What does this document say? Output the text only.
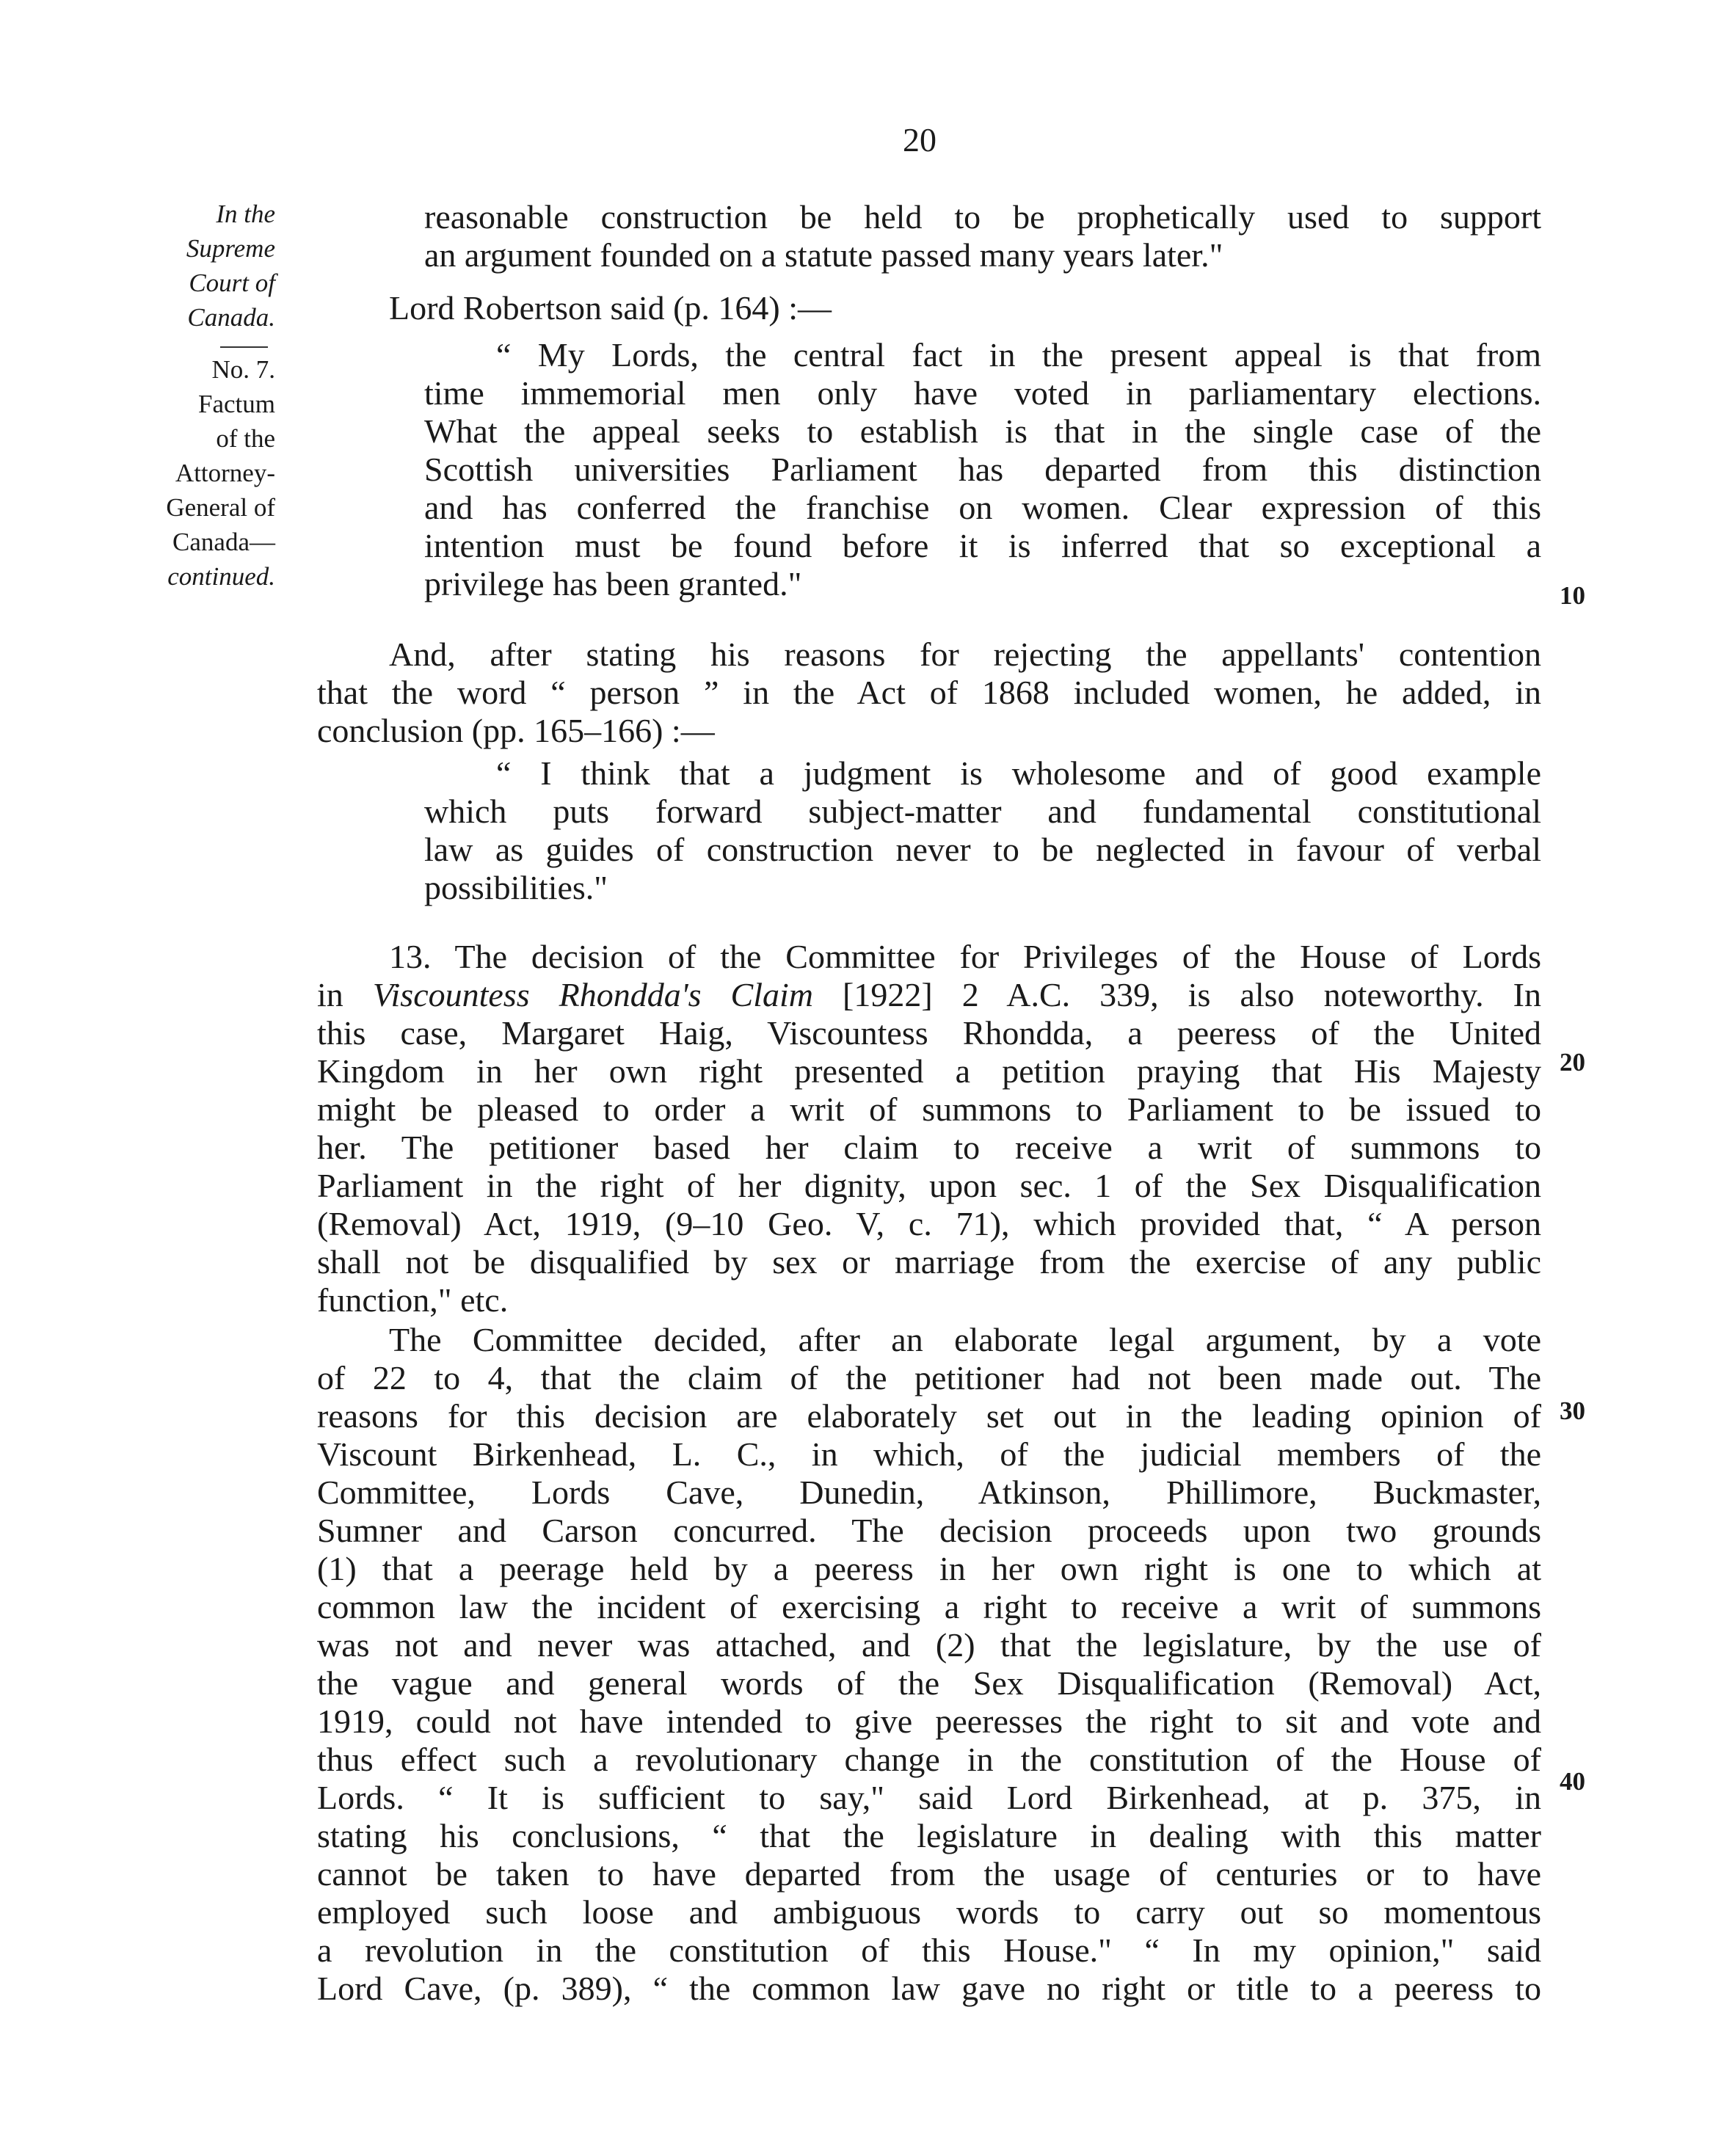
20
In the
Supreme
Court of
Canada.
No. 7.
Factum
of the
Attorney-
General of
Canada—
continued.
10
20
30
40
reasonable construction be held to be prophetically used to support
an argument founded on a statute passed many years later."
Lord Robertson said (p. 164) :—
“ My Lords, the central fact in the present appeal is that from
time immemorial men only have voted in parliamentary elections.
What the appeal seeks to establish is that in the single case of the
Scottish universities Parliament has departed from this distinction
and has conferred the franchise on women. Clear expression of this
intention must be found before it is inferred that so exceptional a
privilege has been granted."
And, after stating his reasons for rejecting the appellants' contention
that the word “ person ” in the Act of 1868 included women, he added, in
conclusion (pp. 165–166) :—
“ I think that a judgment is wholesome and of good example
which puts forward subject-matter and fundamental constitutional
law as guides of construction never to be neglected in favour of verbal
possibilities."
13. The decision of the Committee for Privileges of the House of Lords
in Viscountess Rhondda's Claim [1922] 2 A.C. 339, is also noteworthy. In
this case, Margaret Haig, Viscountess Rhondda, a peeress of the United
Kingdom in her own right presented a petition praying that His Majesty
might be pleased to order a writ of summons to Parliament to be issued to
her. The petitioner based her claim to receive a writ of summons to
Parliament in the right of her dignity, upon sec. 1 of the Sex Disqualification
(Removal) Act, 1919, (9–10 Geo. V, c. 71), which provided that, “ A person
shall not be disqualified by sex or marriage from the exercise of any public
function," etc.
The Committee decided, after an elaborate legal argument, by a vote
of 22 to 4, that the claim of the petitioner had not been made out. The
reasons for this decision are elaborately set out in the leading opinion of
Viscount Birkenhead, L. C., in which, of the judicial members of the
Committee, Lords Cave, Dunedin, Atkinson, Phillimore, Buckmaster,
Sumner and Carson concurred. The decision proceeds upon two grounds
(1) that a peerage held by a peeress in her own right is one to which at
common law the incident of exercising a right to receive a writ of summons
was not and never was attached, and (2) that the legislature, by the use of
the vague and general words of the Sex Disqualification (Removal) Act,
1919, could not have intended to give peeresses the right to sit and vote and
thus effect such a revolutionary change in the constitution of the House of
Lords. “ It is sufficient to say," said Lord Birkenhead, at p. 375, in
stating his conclusions, “ that the legislature in dealing with this matter
cannot be taken to have departed from the usage of centuries or to have
employed such loose and ambiguous words to carry out so momentous
a revolution in the constitution of this House." “ In my opinion," said
Lord Cave, (p. 389), “ the common law gave no right or title to a peeress to
